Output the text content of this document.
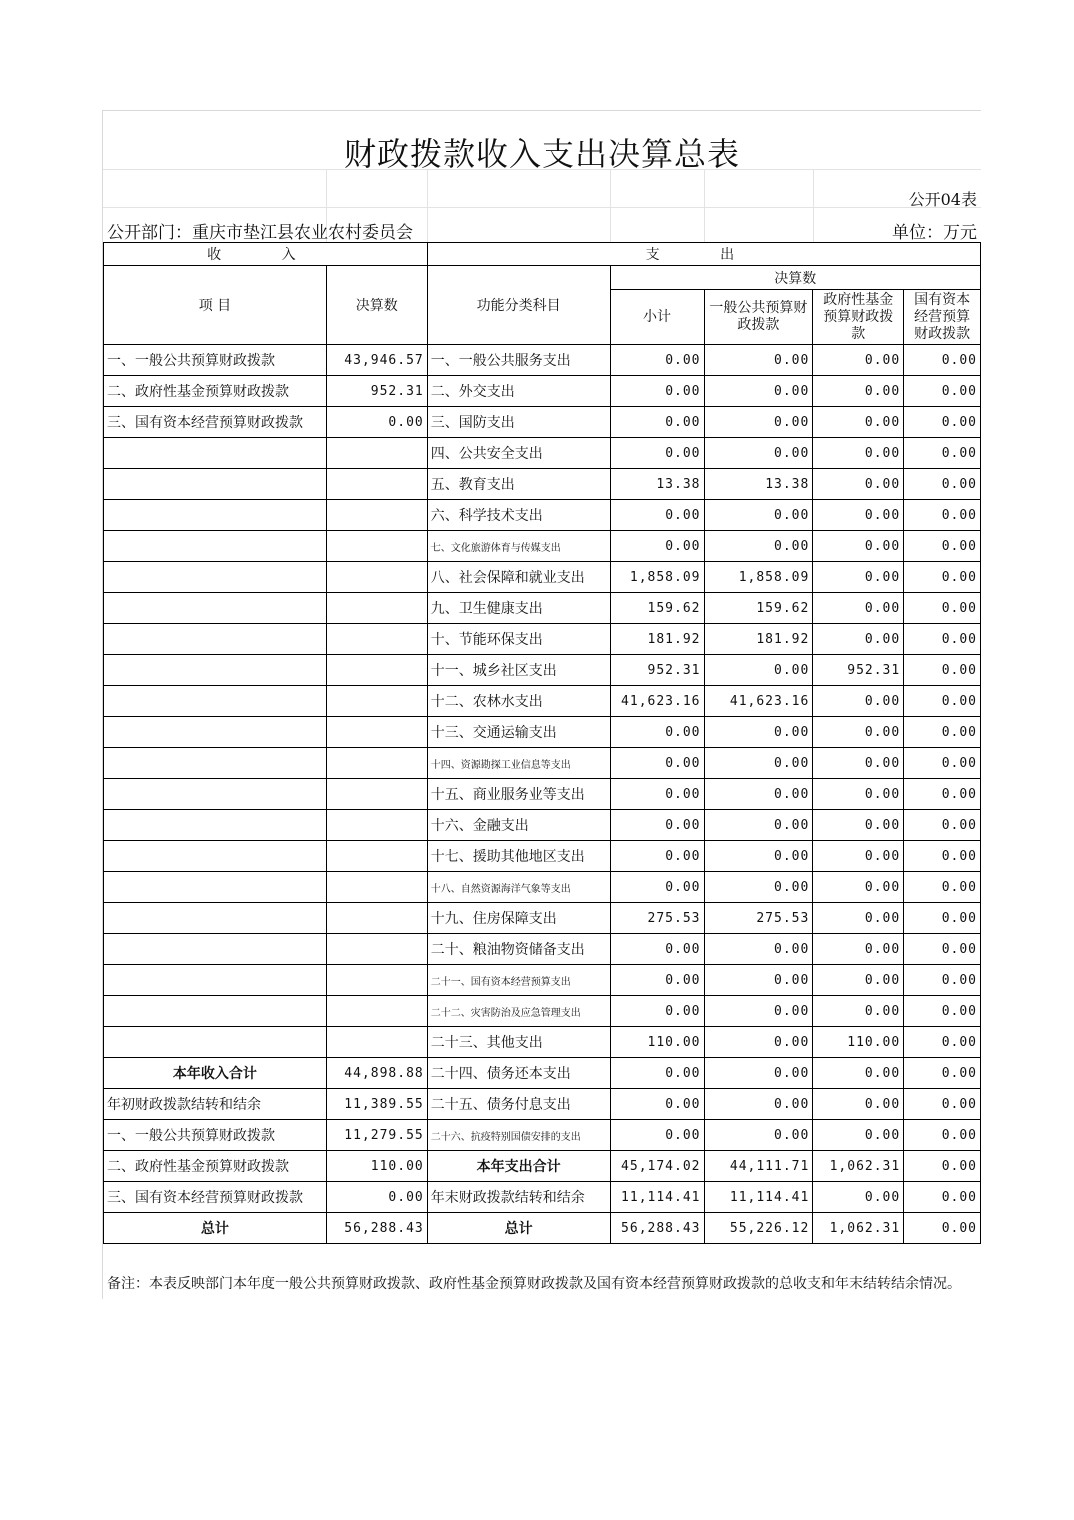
财政拨款收入支出决算总表
公开04表
公开部门：重庆市垫江县农业农村委员会	单位：万元
收 入		支 出				
项 目	决算数	功能分类科目	决算数			
			小计	一般公共预算财政拨款	政府性基金预算财政拨款	国有资本经营预算财政拨款
一、一般公共预算财政拨款	43,946.57	一、一般公共服务支出	0.00	0.00	0.00	0.00
二、政府性基金预算财政拨款	952.31	二、外交支出	0.00	0.00	0.00	0.00
三、国有资本经营预算财政拨款	0.00	三、国防支出	0.00	0.00	0.00	0.00
		四、公共安全支出	0.00	0.00	0.00	0.00
		五、教育支出	13.38	13.38	0.00	0.00
		六、科学技术支出	0.00	0.00	0.00	0.00
		七、文化旅游体育与传媒支出	0.00	0.00	0.00	0.00
		八、社会保障和就业支出	1,858.09	1,858.09	0.00	0.00
		九、卫生健康支出	159.62	159.62	0.00	0.00
		十、节能环保支出	181.92	181.92	0.00	0.00
		十一、城乡社区支出	952.31	0.00	952.31	0.00
		十二、农林水支出	41,623.16	41,623.16	0.00	0.00
		十三、交通运输支出	0.00	0.00	0.00	0.00
		十四、资源勘探工业信息等支出	0.00	0.00	0.00	0.00
		十五、商业服务业等支出	0.00	0.00	0.00	0.00
		十六、金融支出	0.00	0.00	0.00	0.00
		十七、援助其他地区支出	0.00	0.00	0.00	0.00
		十八、自然资源海洋气象等支出	0.00	0.00	0.00	0.00
		十九、住房保障支出	275.53	275.53	0.00	0.00
		二十、粮油物资储备支出	0.00	0.00	0.00	0.00
		二十一、国有资本经营预算支出	0.00	0.00	0.00	0.00
		二十二、灾害防治及应急管理支出	0.00	0.00	0.00	0.00
		二十三、其他支出	110.00	0.00	110.00	0.00
本年收入合计	44,898.88	二十四、债务还本支出	0.00	0.00	0.00	0.00
年初财政拨款结转和结余	11,389.55	二十五、债务付息支出	0.00	0.00	0.00	0.00
一、一般公共预算财政拨款	11,279.55	二十六、抗疫特别国债安排的支出	0.00	0.00	0.00	0.00
二、政府性基金预算财政拨款	110.00	本年支出合计	45,174.02	44,111.71	1,062.31	0.00
三、国有资本经营预算财政拨款	0.00	年末财政拨款结转和结余	11,114.41	11,114.41	0.00	0.00
总计	56,288.43	总计	56,288.43	55,226.12	1,062.31	0.00
备注：本表反映部门本年度一般公共预算财政拨款、政府性基金预算财政拨款及国有资本经营预算财政拨款的总收支和年末结转结余情况。
